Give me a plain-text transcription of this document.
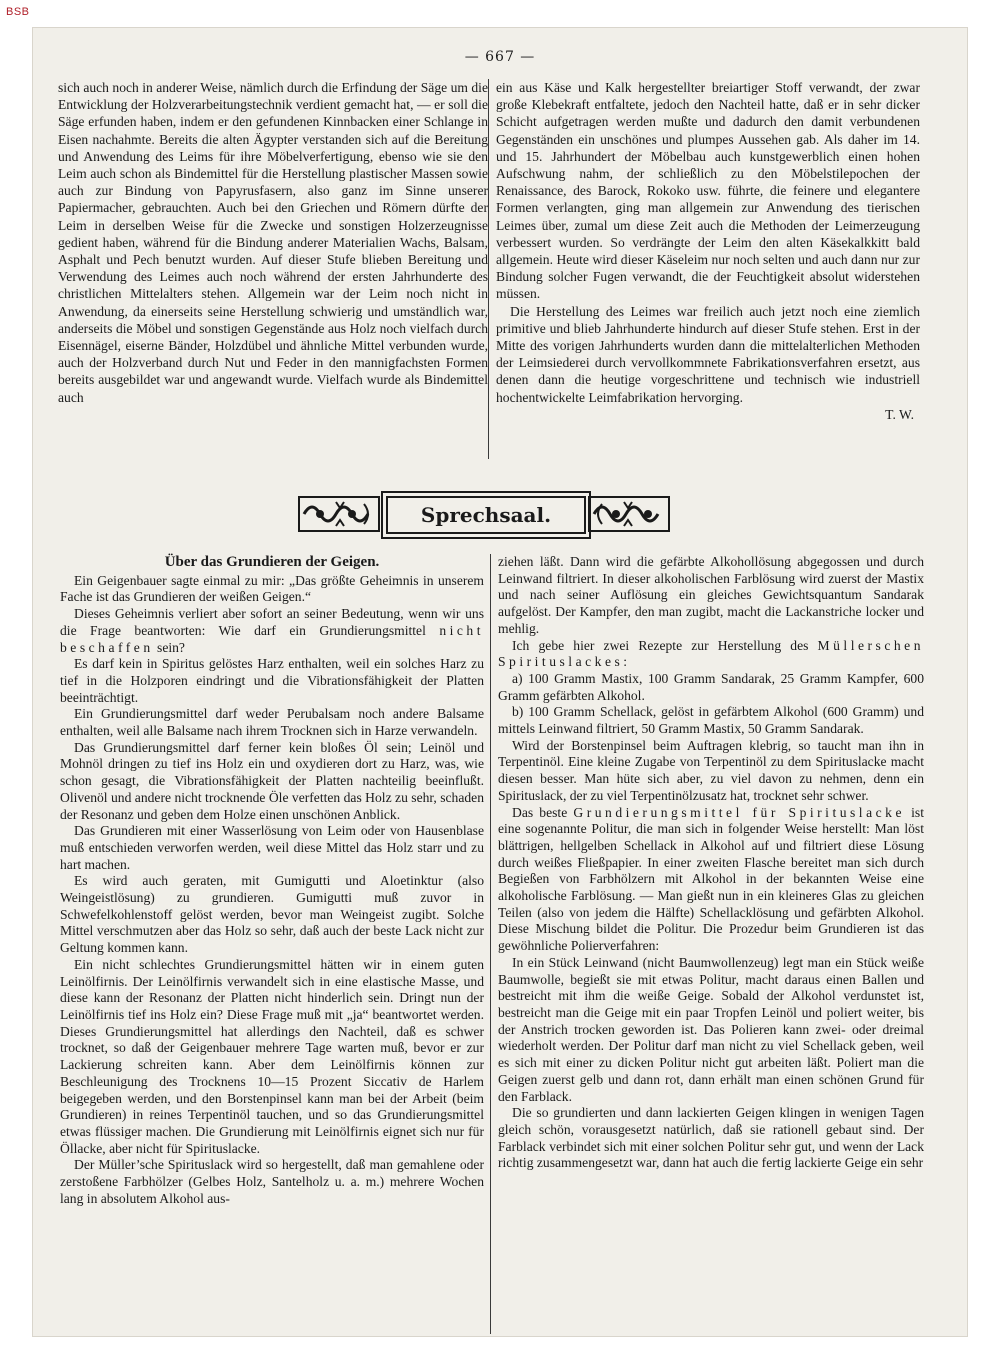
BSB
— 667 —

sich auch noch in anderer Weise, nämlich durch die Erfindung der Säge um die Entwicklung der Holzverarbeitungstechnik verdient gemacht hat, — er soll die Säge erfunden haben, indem er den gefundenen Kinnbacken einer Schlange in Eisen nachahmte. Bereits die alten Ägypter verstanden sich auf die Bereitung und Anwendung des Leims für ihre Möbelverfertigung, ebenso wie sie den Leim auch schon als Bindemittel für die Herstellung plastischer Massen sowie auch zur Bindung von Papyrusfasern, also ganz im Sinne unserer Papiermacher, gebrauchten. Auch bei den Griechen und Römern dürfte der Leim in derselben Weise für die Zwecke und sonstigen Holzerzeugnisse gedient haben, während für die Bindung anderer Materialien Wachs, Balsam, Asphalt und Pech benutzt wurden. Auf dieser Stufe blieben Bereitung und Verwendung des Leimes auch noch während der ersten Jahrhunderte des christlichen Mittelalters stehen. Allgemein war der Leim noch nicht in Anwendung, da einerseits seine Herstellung schwierig und umständlich war, anderseits die Möbel und sonstigen Gegenstände aus Holz noch vielfach durch Eisennägel, eiserne Bänder, Holzdübel und ähnliche Mittel verbunden wurde, auch der Holzverband durch Nut und Feder in den mannigfachsten Formen bereits ausgebildet war und angewandt wurde. Vielfach wurde als Bindemittel auch

ein aus Käse und Kalk hergestellter breiartiger Stoff verwandt, der zwar große Klebekraft entfaltete, jedoch den Nachteil hatte, daß er in sehr dicker Schicht aufgetragen werden mußte und dadurch den damit verbundenen Gegenständen ein unschönes und plumpes Aussehen gab. Als daher im 14. und 15. Jahrhundert der Möbelbau auch kunstgewerblich einen hohen Aufschwung nahm, der schließlich zu den Möbelstilepochen der Renaissance, des Barock, Rokoko usw. führte, die feinere und elegantere Formen verlangten, ging man allgemein zur Anwendung des tierischen Leimes über, zumal um diese Zeit auch die Methoden der Leimerzeugung verbessert wurden. So verdrängte der Leim den alten Käsekalkkitt bald allgemein. Heute wird dieser Käseleim nur noch selten und auch dann nur zur Bindung solcher Fugen verwandt, die der Feuchtigkeit absolut widerstehen müssen.

Die Herstellung des Leimes war freilich auch jetzt noch eine ziemlich primitive und blieb Jahrhunderte hindurch auf dieser Stufe stehen. Erst in der Mitte des vorigen Jahrhunderts wurden dann die mittelalterlichen Methoden der Leimsiederei durch vervollkommnete Fabrikationsverfahren ersetzt, aus denen dann die heutige vorgeschrittene und technisch wie industriell hochentwickelte Leimfabrikation hervorging.

T. W.

Sprechsaal.

Über das Grundieren der Geigen.

Ein Geigenbauer sagte einmal zu mir: „Das größte Geheimnis in unserem Fache ist das Grundieren der weißen Geigen.“

Dieses Geheimnis verliert aber sofort an seiner Bedeutung, wenn wir uns die Frage beantworten: Wie darf ein Grundierungsmittel nicht beschaffen sein?

Es darf kein in Spiritus gelöstes Harz enthalten, weil ein solches Harz zu tief in die Holzporen eindringt und die Vibrationsfähigkeit der Platten beeinträchtigt.

Ein Grundierungsmittel darf weder Perubalsam noch andere Balsame enthalten, weil alle Balsame nach ihrem Trocknen sich in Harze verwandeln.

Das Grundierungsmittel darf ferner kein bloßes Öl sein; Leinöl und Mohnöl dringen zu tief ins Holz ein und oxydieren dort zu Harz, was, wie schon gesagt, die Vibrationsfähigkeit der Platten nachteilig beeinflußt. Olivenöl und andere nicht trocknende Öle verfetten das Holz zu sehr, schaden der Resonanz und geben dem Holze einen unschönen Anblick.

Das Grundieren mit einer Wasserlösung von Leim oder von Hausenblase muß entschieden verworfen werden, weil diese Mittel das Holz starr und zu hart machen.

Es wird auch geraten, mit Gumigutti und Aloetinktur (also Weingeistlösung) zu grundieren. Gumigutti muß zuvor in Schwefelkohlenstoff gelöst werden, bevor man Weingeist zugibt. Solche Mittel verschmutzen aber das Holz so sehr, daß auch der beste Lack nicht zur Geltung kommen kann.

Ein nicht schlechtes Grundierungsmittel hätten wir in einem guten Leinölfirnis. Der Leinölfirnis verwandelt sich in eine elastische Masse, und diese kann der Resonanz der Platten nicht hinderlich sein. Dringt nun der Leinölfirnis tief ins Holz ein? Diese Frage muß mit „ja“ beantwortet werden. Dieses Grundierungsmittel hat allerdings den Nachteil, daß es schwer trocknet, so daß der Geigenbauer mehrere Tage warten muß, bevor er zur Lackierung schreiten kann. Aber dem Leinölfirnis können zur Beschleunigung des Trocknens 10—15 Prozent Siccativ de Harlem beigegeben werden, und den Borstenpinsel kann man bei der Arbeit (beim Grundieren) in reines Terpentinöl tauchen, und so das Grundierungsmittel etwas flüssiger machen. Die Grundierung mit Leinölfirnis eignet sich nur für Öllacke, aber nicht für Spirituslacke.

Der Müller’sche Spirituslack wird so hergestellt, daß man gemahlene oder zerstoßene Farbhölzer (Gelbes Holz, Santelholz u. a. m.) mehrere Wochen lang in absolutem Alkohol aus-

ziehen läßt. Dann wird die gefärbte Alkohollösung abgegossen und durch Leinwand filtriert. In dieser alkoholischen Farblösung wird zuerst der Mastix und nach seiner Auflösung ein gleiches Gewichtsquantum Sandarak aufgelöst. Der Kampfer, den man zugibt, macht die Lackanstriche locker und mehlig.

Ich gebe hier zwei Rezepte zur Herstellung des Müllerschen Spirituslackes:

a) 100 Gramm Mastix, 100 Gramm Sandarak, 25 Gramm Kampfer, 600 Gramm gefärbten Alkohol.

b) 100 Gramm Schellack, gelöst in gefärbtem Alkohol (600 Gramm) und mittels Leinwand filtriert, 50 Gramm Mastix, 50 Gramm Sandarak.

Wird der Borstenpinsel beim Auftragen klebrig, so taucht man ihn in Terpentinöl. Eine kleine Zugabe von Terpentinöl zu dem Spirituslacke macht diesen besser. Man hüte sich aber, zu viel davon zu nehmen, denn ein Spirituslack, der zu viel Terpentinölzusatz hat, trocknet sehr schwer.

Das beste Grundierungsmittel für Spirituslacke ist eine sogenannte Politur, die man sich in folgender Weise herstellt: Man löst blättrigen, hellgelben Schellack in Alkohol auf und filtriert diese Lösung durch weißes Fließpapier. In einer zweiten Flasche bereitet man sich durch Begießen von Farbhölzern mit Alkohol in der bekannten Weise eine alkoholische Farblösung. — Man gießt nun in ein kleineres Glas zu gleichen Teilen (also von jedem die Hälfte) Schellacklösung und gefärbten Alkohol. Diese Mischung bildet die Politur. Die Prozedur beim Grundieren ist das gewöhnliche Polierverfahren:

In ein Stück Leinwand (nicht Baumwollenzeug) legt man ein Stück weiße Baumwolle, begießt sie mit etwas Politur, macht daraus einen Ballen und bestreicht mit ihm die weiße Geige. Sobald der Alkohol verdunstet ist, bestreicht man die Geige mit ein paar Tropfen Leinöl und poliert weiter, bis der Anstrich trocken geworden ist. Das Polieren kann zwei- oder dreimal wiederholt werden. Der Politur darf man nicht zu viel Schellack geben, weil es sich mit einer zu dicken Politur nicht gut arbeiten läßt. Poliert man die Geigen zuerst gelb und dann rot, dann erhält man einen schönen Grund für den Farblack.

Die so grundierten und dann lackierten Geigen klingen in wenigen Tagen gleich schön, vorausgesetzt natürlich, daß sie rationell gebaut sind. Der Farblack verbindet sich mit einer solchen Politur sehr gut, und wenn der Lack richtig zusammengesetzt war, dann hat auch die fertig lackierte Geige ein sehr
